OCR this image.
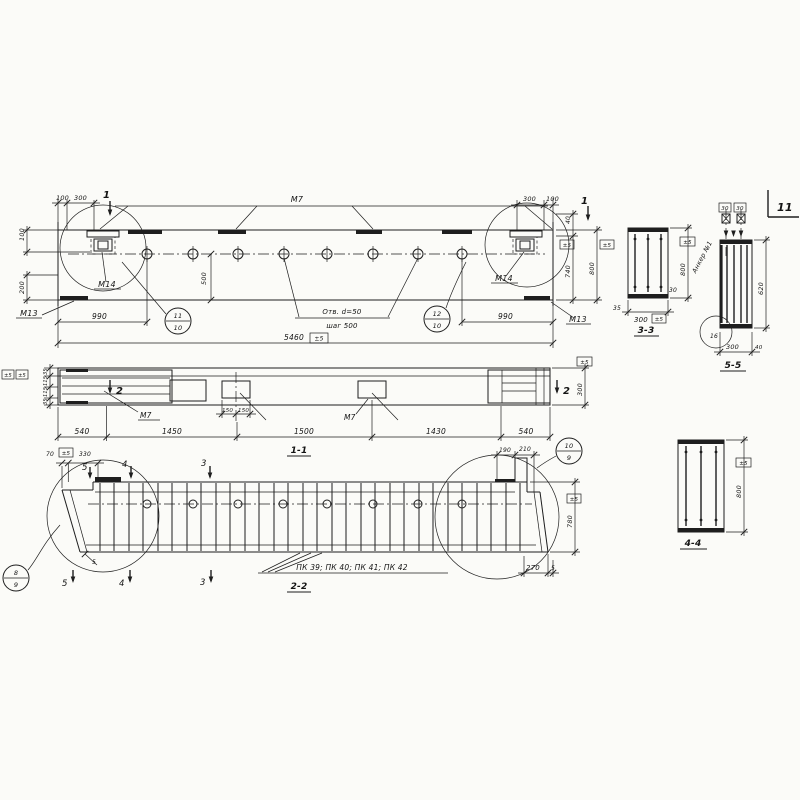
М7
М14
М14
М13
М13
1
1
100 300	300 100
100
200
500
40
740 800
±5	±5
Отв. d=50
шаг 500
990	990
5460 ±5
11
10
12
10
800
±5
300 ±5
35
30
3-3
30 30
Анкер №1
16
300	40
620
5-5
11
М7	М7
2	2 300
±5
35
115
115
35
±5 ±5
150 150
540	1450	1500	1430	540
1-1
70 ±5 330
5	4	3
8
9
190 210	10
9
780
±5
270 5
5
5	4	3
ПК 39; ПК 40; ПК 41; ПК 42
2-2
800
±5
4-4
